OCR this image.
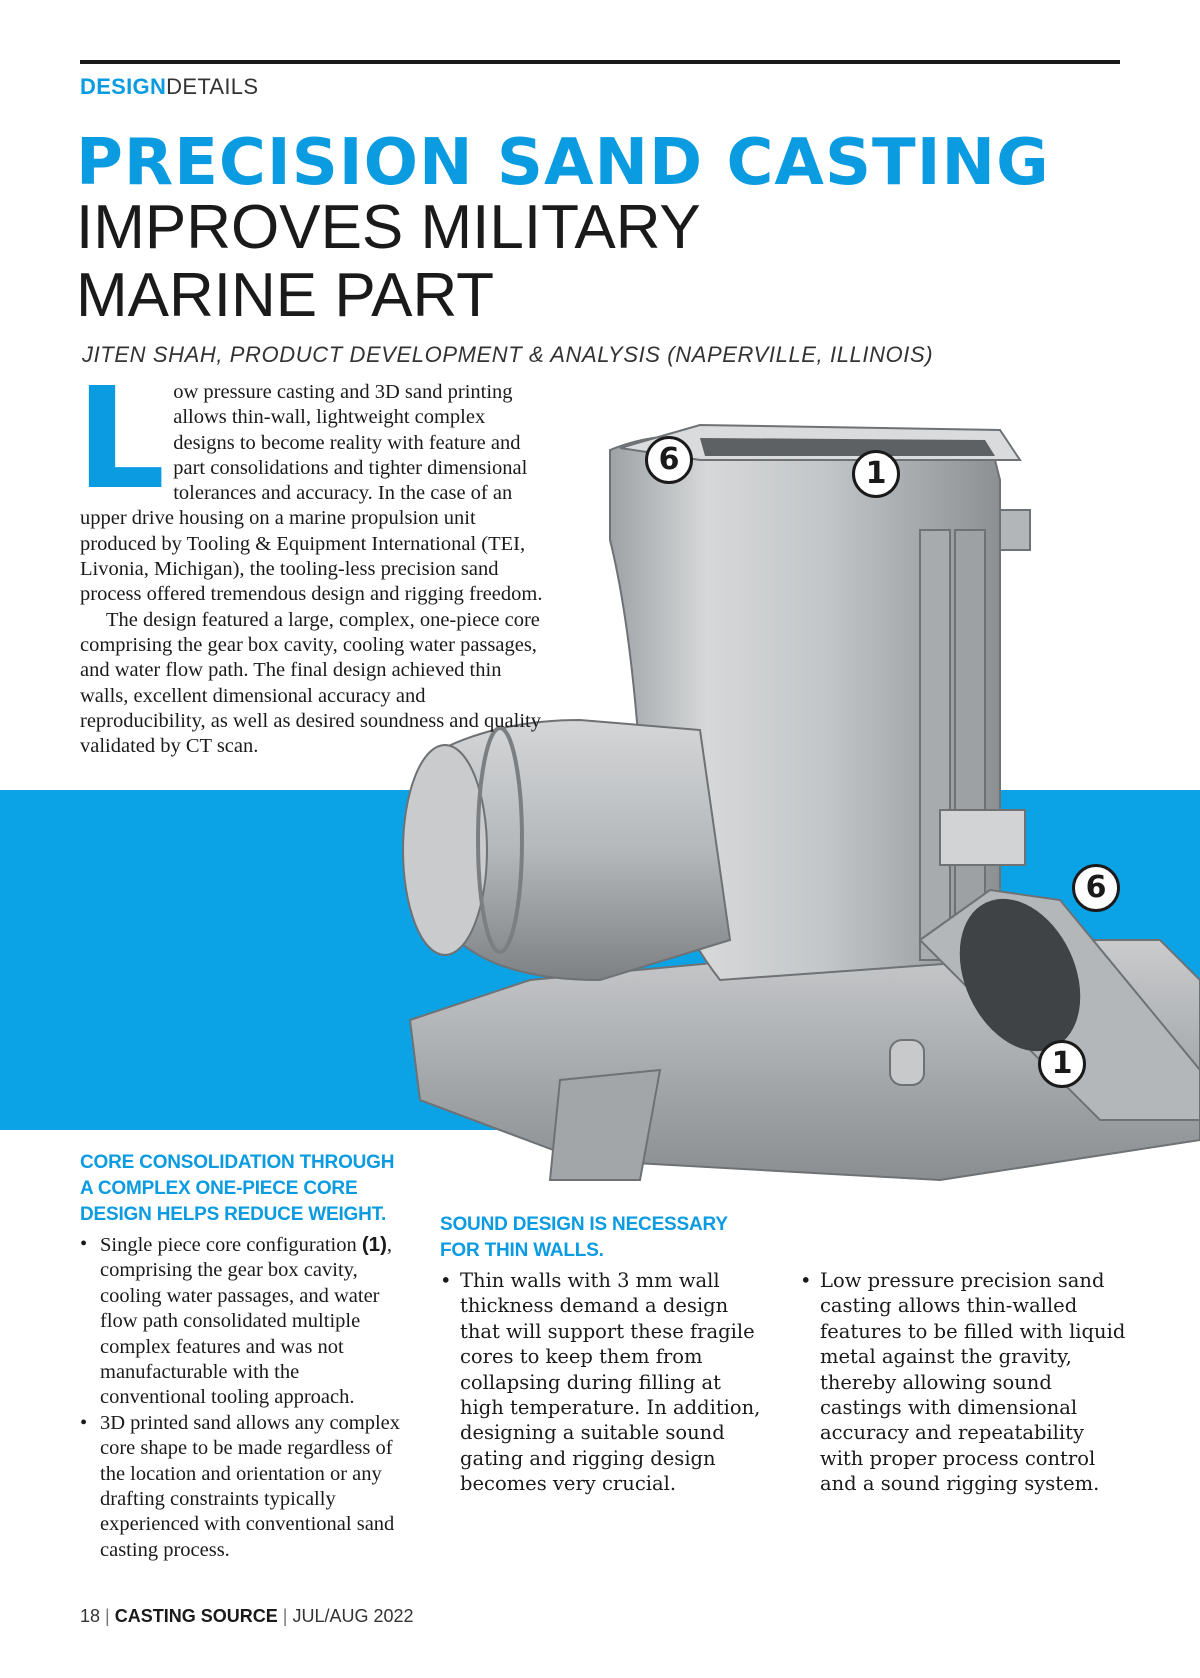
DESIGNDETAILS
PRECISION SAND CASTING
IMPROVES MILITARY
MARINE PART
JITEN SHAH, PRODUCT DEVELOPMENT & ANALYSIS (NAPERVILLE, ILLINOIS)
6	1
6
1
L ow pressure casting and 3D sand printing allows thin-wall, lightweight complex designs to become reality with feature and part consolidations and tighter dimensional tolerances and accuracy. In the case of an upper drive housing on a marine propulsion unit produced by Tooling & Equipment International (TEI, Livonia, Michigan), the tooling-less precision sand process offered tremendous design and rigging freedom.

The design featured a large, complex, one-piece core comprising the gear box cavity, cooling water passages, and water flow path. The final design achieved thin walls, excellent dimensional accuracy and reproducibility, as well as desired soundness and quality validated by CT scan.

CORE CONSOLIDATION THROUGH A COMPLEX ONE-PIECE CORE DESIGN HELPS REDUCE WEIGHT.
• Single piece core configuration (1), comprising the gear box cavity, cooling water passages, and water flow path consolidated multiple complex features and was not manufacturable with the conventional tooling approach.
• 3D printed sand allows any complex core shape to be made regardless of the location and orientation or any drafting constraints typically experienced with conventional sand casting process.
SOUND DESIGN IS NECESSARY FOR THIN WALLS.
• Thin walls with 3 mm wall thickness demand a design that will support these fragile cores to keep them from collapsing during filling at high temperature. In addition, designing a suitable sound gating and rigging design becomes very crucial.
• Low pressure precision sand casting allows thin-walled features to be filled with liquid metal against the gravity, thereby allowing sound castings with dimensional accuracy and repeatability with proper process control and a sound rigging system.
18 | CASTING SOURCE | JUL/AUG 2022
